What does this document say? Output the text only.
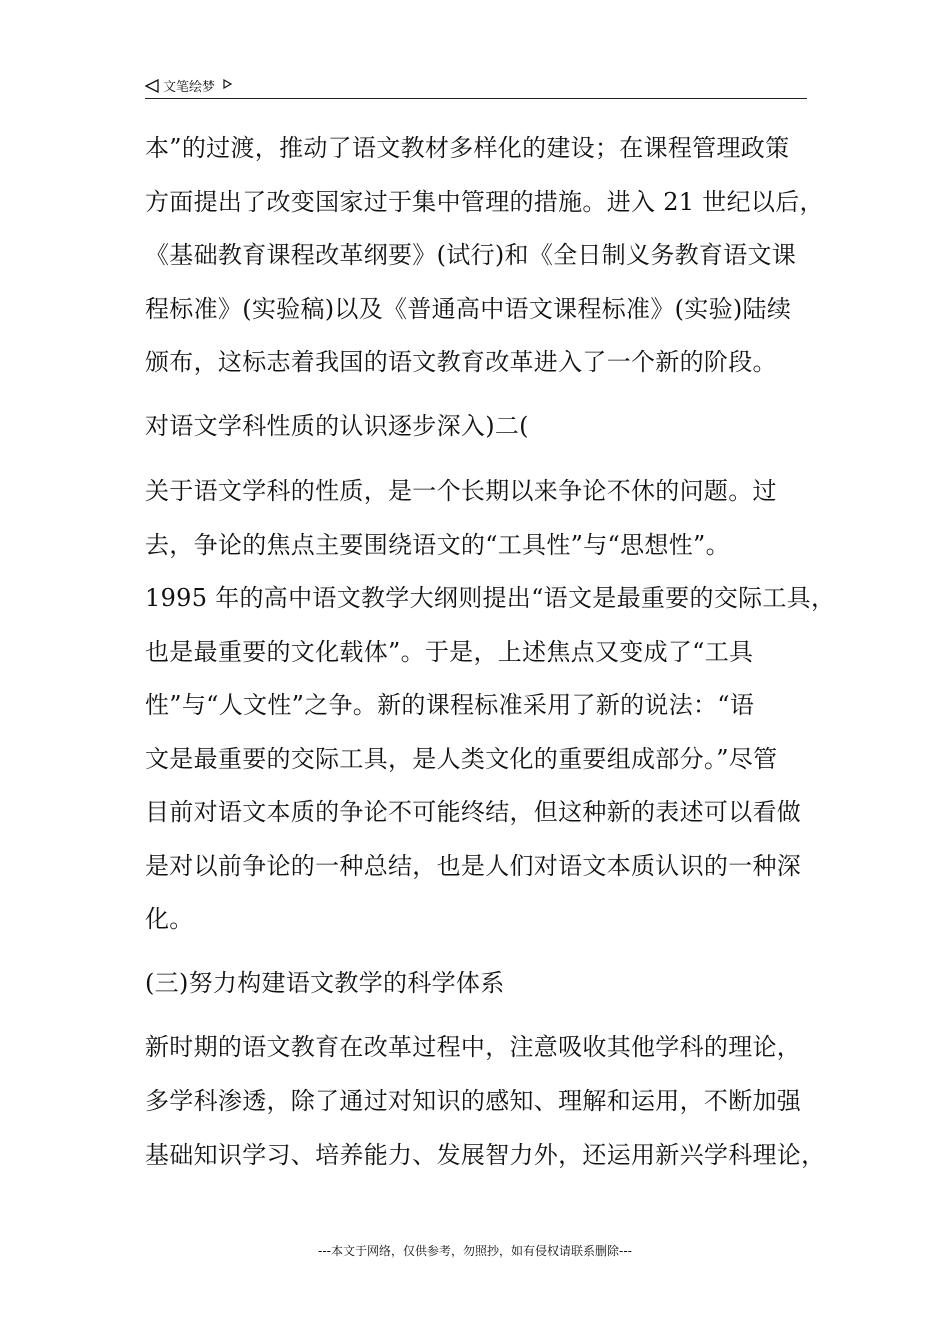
文笔绘梦
本”的过渡，推动了语文教材多样化的建设；在课程管理政策
方面提出了改变国家过于集中管理的措施。进入 21 世纪以后，
《基础教育课程改革纲要》(试行)和《全日制义务教育语文课
程标准》(实验稿)以及《普通高中语文课程标准》(实验)陆续
颁布，这标志着我国的语文教育改革进入了一个新的阶段。
对语文学科性质的认识逐步深入)二(
关于语文学科的性质，是一个长期以来争论不休的问题。过
去，争论的焦点主要围绕语文的“工具性”与“思想性”。
1995 年的高中语文教学大纲则提出“语文是最重要的交际工具，
也是最重要的文化载体”。于是，上述焦点又变成了“工具
性”与“人文性”之争。新的课程标准采用了新的说法：“语
文是最重要的交际工具，是人类文化的重要组成部分。”尽管
目前对语文本质的争论不可能终结，但这种新的表述可以看做
是对以前争论的一种总结，也是人们对语文本质认识的一种深
化。
(三)努力构建语文教学的科学体系
新时期的语文教育在改革过程中，注意吸收其他学科的理论，
多学科渗透，除了通过对知识的感知、理解和运用，不断加强
基础知识学习、培养能力、发展智力外，还运用新兴学科理论，
---本文于网络，仅供参考，勿照抄，如有侵权请联系删除---
